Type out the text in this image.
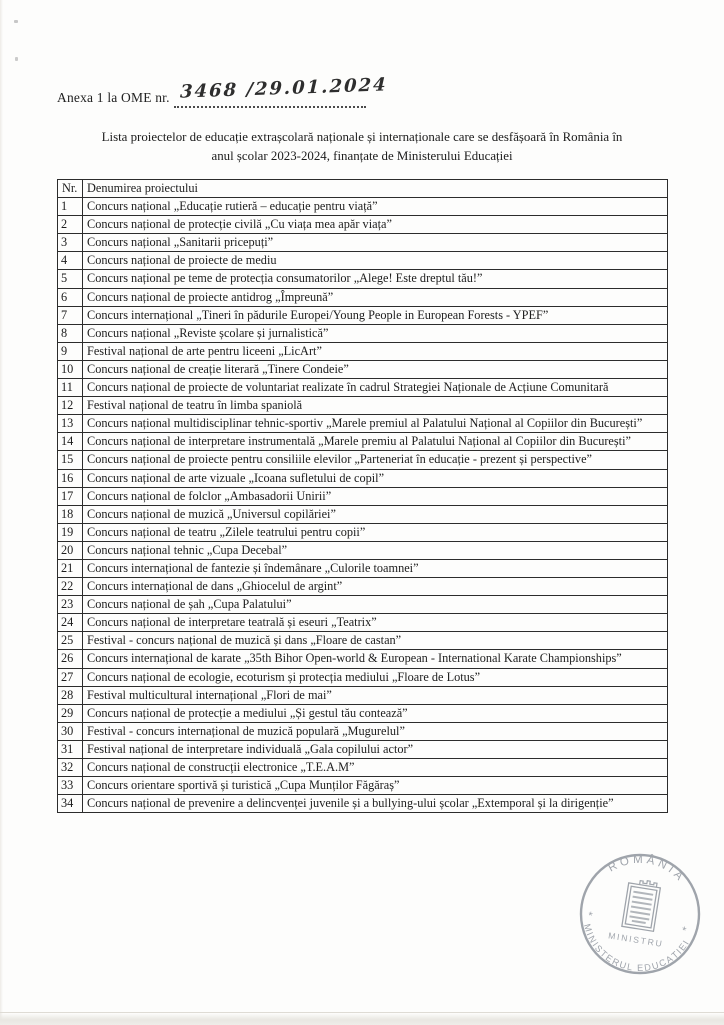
Anexa 1 la OME nr. 3468 /29.01.2024
Lista proiectelor de educație extrașcolară naționale și internaționale care se desfășoară în România în
anul școlar 2023-2024, finanțate de Ministerului Educației
Nr.	Denumirea proiectului
1	Concurs național „Educație rutieră – educație pentru viață”
2	Concurs național de protecție civilă „Cu viața mea apăr viața”
3	Concurs național „Sanitarii pricepuți”
4	Concurs național de proiecte de mediu
5	Concurs național pe teme de protecția consumatorilor „Alege! Este dreptul tău!”
6	Concurs național de proiecte antidrog „Împreună”
7	Concurs internațional „Tineri în pădurile Europei/Young People in European Forests - YPEF”
8	Concurs național „Reviste școlare și jurnalistică”
9	Festival național de arte pentru liceeni „LicArt”
10	Concurs național de creație literară „Tinere Condeie”
11	Concurs național de proiecte de voluntariat realizate în cadrul Strategiei Naționale de Acțiune Comunitară
12	Festival național de teatru în limba spaniolă
13	Concurs național multidisciplinar tehnic-sportiv „Marele premiul al Palatului Național al Copiilor din București”
14	Concurs național de interpretare instrumentală „Marele premiu al Palatului Național al Copiilor din București”
15	Concurs național de proiecte pentru consiliile elevilor „Parteneriat în educație - prezent și perspective”
16	Concurs național de arte vizuale „Icoana sufletului de copil”
17	Concurs național de folclor „Ambasadorii Unirii”
18	Concurs național de muzică „Universul copilăriei”
19	Concurs național de teatru „Zilele teatrului pentru copii”
20	Concurs național tehnic „Cupa Decebal”
21	Concurs internațional de fantezie și îndemânare „Culorile toamnei”
22	Concurs internațional de dans „Ghiocelul de argint”
23	Concurs național de șah „Cupa Palatului”
24	Concurs național de interpretare teatrală și eseuri „Teatrix”
25	Festival - concurs național de muzică și dans „Floare de castan”
26	Concurs internațional de karate „35th Bihor Open-world & European - International Karate Championships”
27	Concurs național de ecologie, ecoturism și protecția mediului „Floare de Lotus”
28	Festival multicultural internațional „Flori de mai”
29	Concurs național de protecție a mediului „Și gestul tău contează”
30	Festival - concurs internațional de muzică populară „Mugurelul”
31	Festival național de interpretare individuală „Gala copilului actor”
32	Concurs național de construcții electronice „T.E.A.M”
33	Concurs orientare sportivă și turistică „Cupa Munților Făgăraș”
34	Concurs național de prevenire a delincvenței juvenile și a bullying-ului școlar „Extemporal și la dirigenție”
ROMÂNIA
MINISTERUL EDUCAȚIEI
MINISTRU
*
*
